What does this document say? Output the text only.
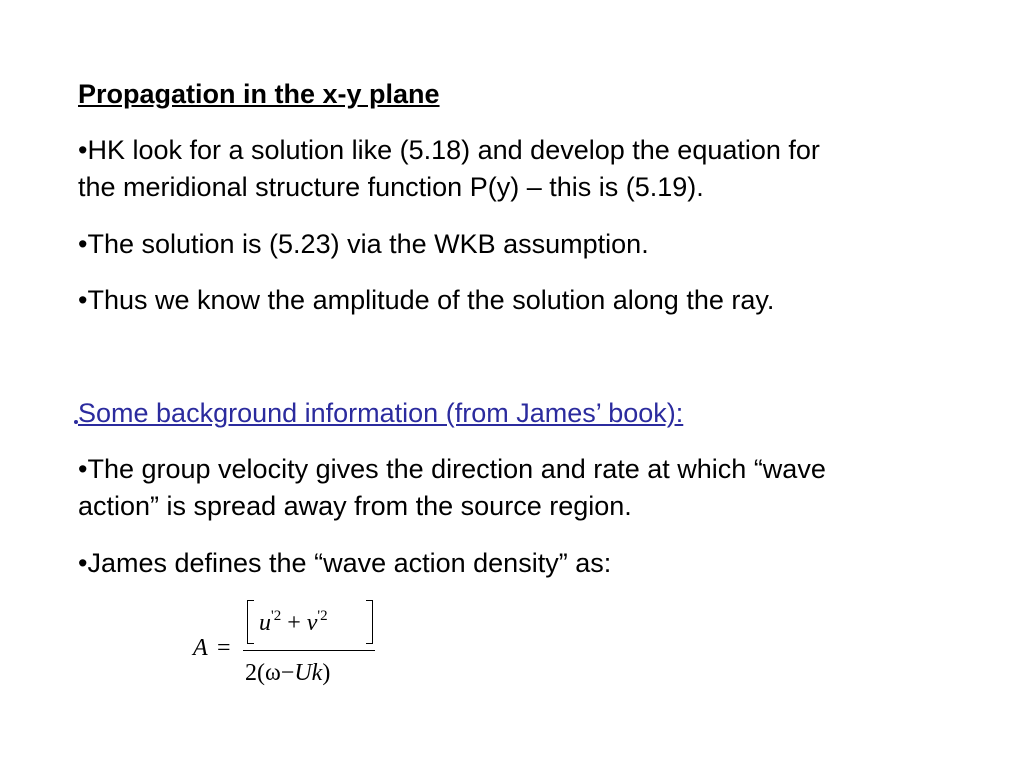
Propagation in the x-y plane
•HK look for a solution like (5.18) and develop the equation for
the meridional structure function P(y) – this is (5.19).
•The solution is (5.23) via the WKB assumption.
•Thus we know the amplitude of the solution along the ray.
Some background information (from James’ book):
•The group velocity gives the direction and rate at which “wave
action” is spread away from the source region.
•James defines the “wave action density” as:
A =
$u^{'2} + v^{'2}$
2(ω−Uk)
